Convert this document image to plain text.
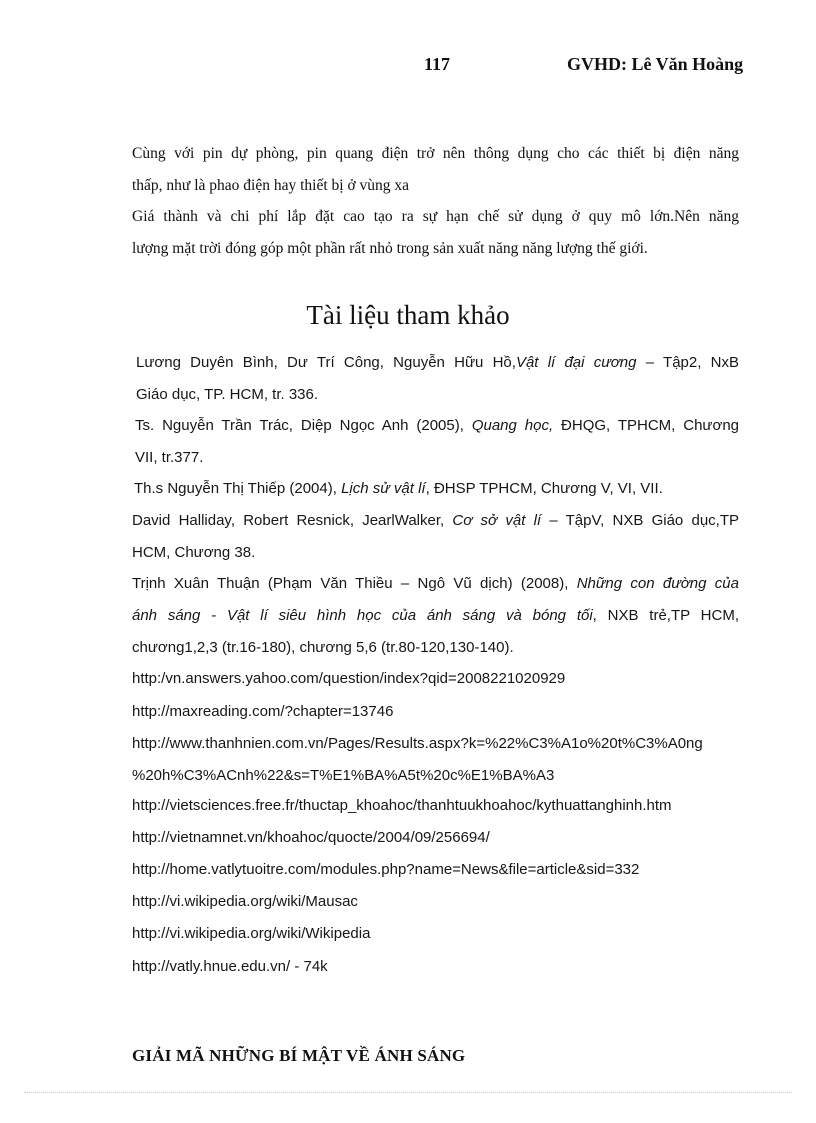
117	GVHD: Lê Văn Hoàng
Cùng với pin dự phòng, pin quang điện trở nên thông dụng cho các thiết bị điện năng
thấp, như là phao điện hay thiết bị ở vùng xa
Giá thành và chi phí lắp đặt cao tạo ra sự hạn chế sử dụng ở quy mô lớn.Nên năng
lượng mặt trời đóng góp một phần rất nhỏ trong sản xuất năng năng lượng thế giới.
Tài liệu tham khảo
Lương Duyên Bình, Dư Trí Công, Nguyễn Hữu Hồ,Vật lí đại cương – Tập2, NxB
Giáo dục, TP. HCM, tr. 336.
Ts. Nguyễn Trần Trác, Diệp Ngọc Anh (2005), Quang học, ĐHQG, TPHCM, Chương
VII, tr.377.
Th.s Nguyễn Thị Thiếp (2004), Lịch sử vật lí, ĐHSP TPHCM, Chương V, VI, VII.
David Halliday, Robert Resnick, JearlWalker, Cơ sở vật lí – TậpV, NXB Giáo dục,TP
HCM, Chương 38.
Trịnh Xuân Thuận (Phạm Văn Thiều – Ngô Vũ dịch) (2008), Những con đường của
ánh sáng - Vật lí siêu hình học của ánh sáng và bóng tối, NXB trẻ,TP HCM,
chương1,2,3 (tr.16-180), chương 5,6 (tr.80-120,130-140).
http:/vn.answers.yahoo.com/question/index?qid=2008221020929
http://maxreading.com/?chapter=13746
http://www.thanhnien.com.vn/Pages/Results.aspx?k=%22%C3%A1o%20t%C3%A0ng
%20h%C3%ACnh%22&s=T%E1%BA%A5t%20c%E1%BA%A3
http://vietsciences.free.fr/thuctap_khoahoc/thanhtuukhoahoc/kythuattanghinh.htm
http://vietnamnet.vn/khoahoc/quocte/2004/09/256694/
http://home.vatlytuoitre.com/modules.php?name=News&file=article&sid=332
http://vi.wikipedia.org/wiki/Mausac
http://vi.wikipedia.org/wiki/Wikipedia
http://vatly.hnue.edu.vn/ - 74k
GIẢI MÃ NHỮNG BÍ MẬT VỀ ÁNH SÁNG
